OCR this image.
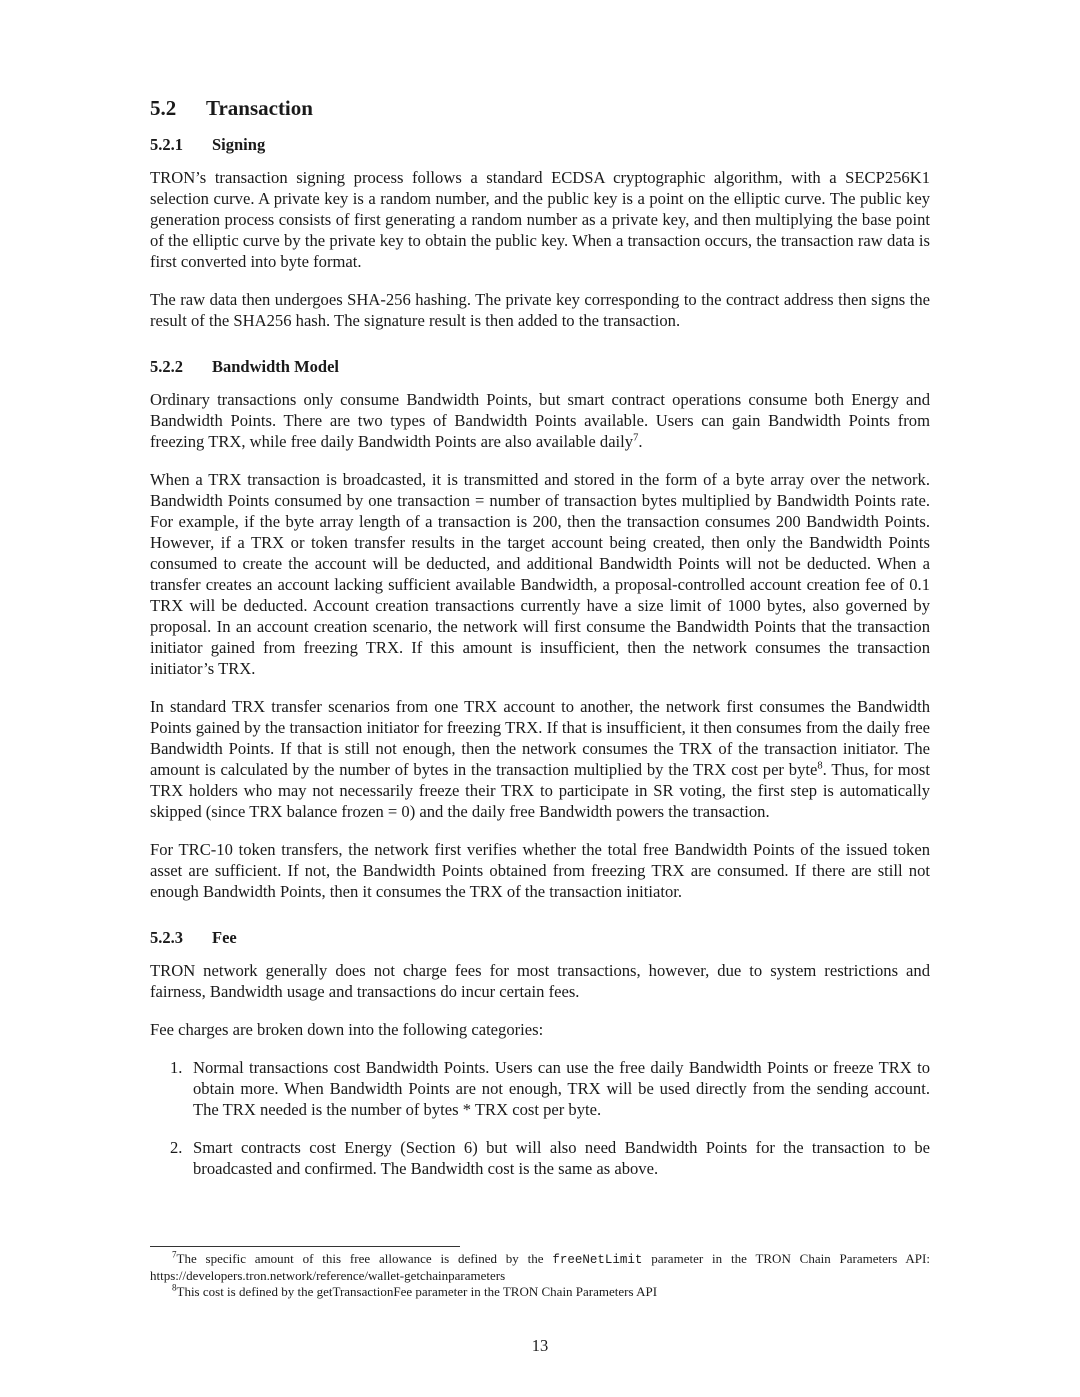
5.2 Transaction
5.2.1 Signing

TRON’s transaction signing process follows a standard ECDSA cryptographic algorithm, with a SECP256K1 selection curve. A private key is a random number, and the public key is a point on the elliptic curve. The public key generation process consists of first generating a random number as a private key, and then multiplying the base point of the elliptic curve by the private key to obtain the public key. When a transaction occurs, the transaction raw data is first converted into byte format.

The raw data then undergoes SHA-256 hashing. The private key corresponding to the contract address then signs the result of the SHA256 hash. The signature result is then added to the transaction.

5.2.2 Bandwidth Model

Ordinary transactions only consume Bandwidth Points, but smart contract operations consume both Energy and Bandwidth Points. There are two types of Bandwidth Points available. Users can gain Bandwidth Points from freezing TRX, while free daily Bandwidth Points are also available daily$^7$.

When a TRX transaction is broadcasted, it is transmitted and stored in the form of a byte array over the network. Bandwidth Points consumed by one transaction = number of transaction bytes multiplied by Bandwidth Points rate. For example, if the byte array length of a transaction is 200, then the transaction consumes 200 Bandwidth Points. However, if a TRX or token transfer results in the target account being created, then only the Bandwidth Points consumed to create the account will be deducted, and additional Bandwidth Points will not be deducted. When a transfer creates an account lacking sufficient available Bandwidth, a proposal-controlled account creation fee of 0.1 TRX will be deducted. Account creation transactions currently have a size limit of 1000 bytes, also governed by proposal. In an account creation scenario, the network will first consume the Bandwidth Points that the transaction initiator gained from freezing TRX. If this amount is insufficient, then the network consumes the transaction initiator’s TRX.

In standard TRX transfer scenarios from one TRX account to another, the network first consumes the Bandwidth Points gained by the transaction initiator for freezing TRX. If that is insufficient, it then consumes from the daily free Bandwidth Points. If that is still not enough, then the network consumes the TRX of the transaction initiator. The amount is calculated by the number of bytes in the transaction multiplied by the TRX cost per byte$^8$. Thus, for most TRX holders who may not necessarily freeze their TRX to participate in SR voting, the first step is automatically skipped (since TRX balance frozen = 0) and the daily free Bandwidth powers the transaction.

For TRC-10 token transfers, the network first verifies whether the total free Bandwidth Points of the issued token asset are sufficient. If not, the Bandwidth Points obtained from freezing TRX are consumed. If there are still not enough Bandwidth Points, then it consumes the TRX of the transaction initiator.

5.2.3 Fee

TRON network generally does not charge fees for most transactions, however, due to system restrictions and fairness, Bandwidth usage and transactions do incur certain fees.

Fee charges are broken down into the following categories:

1. Normal transactions cost Bandwidth Points. Users can use the free daily Bandwidth Points or freeze TRX to obtain more. When Bandwidth Points are not enough, TRX will be used directly from the sending account. The TRX needed is the number of bytes * TRX cost per byte.

2. Smart contracts cost Energy (Section 6) but will also need Bandwidth Points for the transaction to be broadcasted and confirmed. The Bandwidth cost is the same as above.

$^7$The specific amount of this free allowance is defined by the freeNetLimit parameter in the TRON Chain Parameters API: https://developers.tron.network/reference/wallet-getchainparameters

$^8$This cost is defined by the getTransactionFee parameter in the TRON Chain Parameters API

13
